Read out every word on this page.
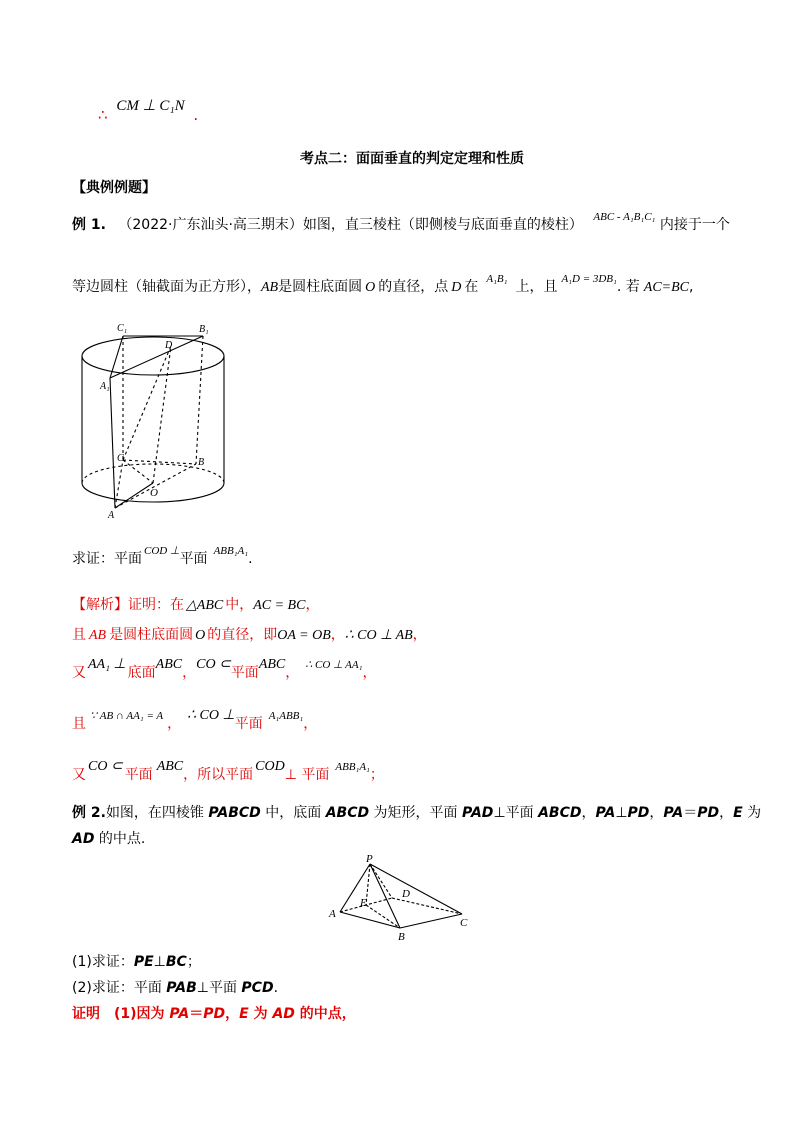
∴ CM ⊥ C₁N .
考点二：面面垂直的判定定理和性质
【典例例题】
例 1. （2022·广东汕头·高三期末）如图，直三棱柱（即侧棱与底面垂直的棱柱） $^{ABC - A_1B_1C_1}$ 内接于一个
等边圆柱（轴截面为正方形），AB是圆柱底面圆 O 的直径，点 D 在 $^{A_1B_1}$ 上，且 $^{A_1D = 3DB_1}$. 若 AC=BC,
C₁	B₁
D
A₁
C	B
O
A
求证：平面 $^{COD \perp}$平面 $^{ABB_1A_1}$.
【解析】证明：在 △ABC 中，AC = BC，
且 AB 是圆柱底面圆 O 的直径，即OA = OB，∴ CO ⊥ AB，
又AA₁ ⊥底面ABC，CO ⊂平面ABC， $^{\therefore CO \perp AA_1}$，
且 $^{\because AB \cap AA_1 = A}$ ，∴ CO ⊥平面 $^{A_1ABB_1}$，
又CO ⊂平面ABC，所以平面COD⊥ 平面 $^{ABB_1A_1}$；
例 2.如图，在四棱锥 PABCD 中，底面 ABCD 为矩形，平面 PAD⊥平面 ABCD，PA⊥PD，PA＝PD，E 为
AD 的中点.
P
D
E
A
B
C
(1)求证：PE⊥BC；
(2)求证：平面 PAB⊥平面 PCD.
证明　(1)因为 PA＝PD，E 为 AD 的中点，
